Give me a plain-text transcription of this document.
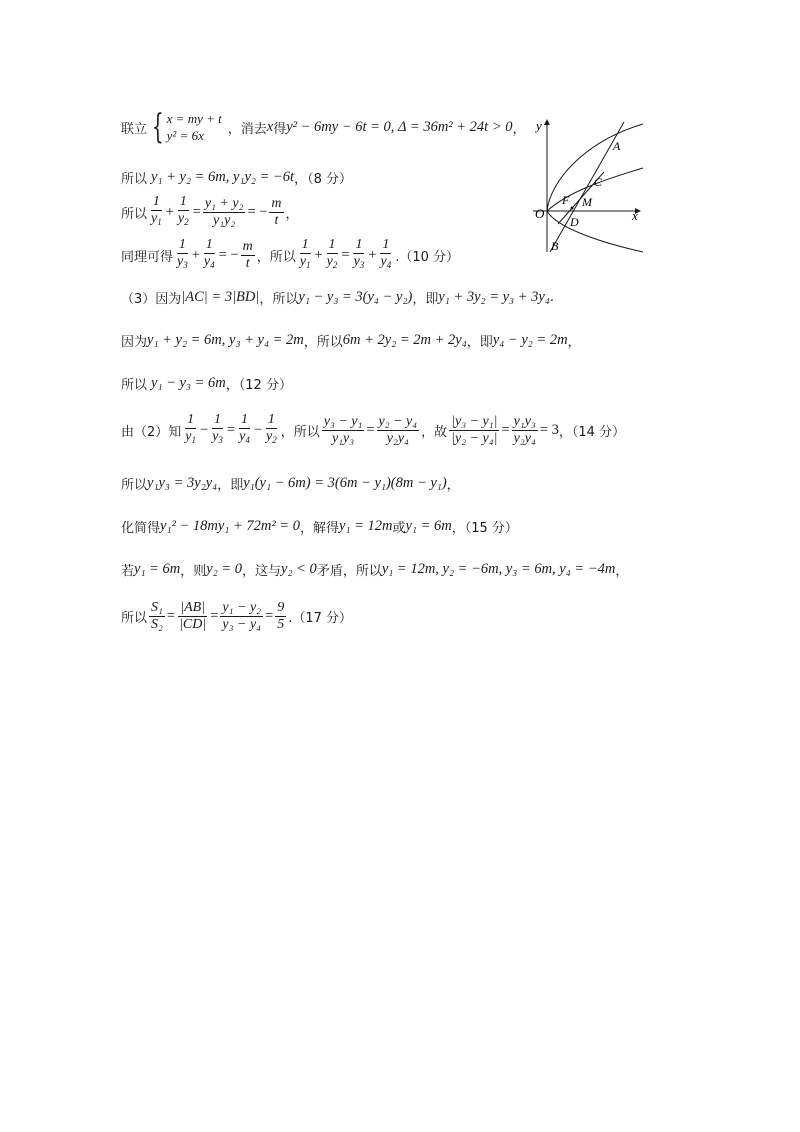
联立 { x = my + t
y² = 6x	，消去 x 得 y² − 6my − 6t = 0, Δ = 36m² + 24t > 0 ，
所以 y₁ + y₂ = 6m, y₁y₂ = −6t ，（8 分）
所以 $\frac{1}{y_1} + \frac{1}{y_2} = \frac{\text{y₁ + y₂}}{\text{y₁y₂}}$ = − $\frac{m}{t}$ ，
同理可得 $\frac{1}{y_3} + \frac{1}{y_4}$ = − $\frac{m}{t}$ ，所以 $\frac{1}{y_1} + \frac{1}{y_2} = \frac{1}{y_3} + \frac{1}{y_4} .(10$ 分）
（3）因为 |AC| = 3|BD| ，所以 y₁ − y₃ = 3(y₄ − y₂) ，即 y₁ + 3y₂ = y₃ + 3y₄ .
因为 y₁ + y₂ = 6m, y₃ + y₄ = 2m ，所以 6m + 2y₂ = 2m + 2y₄ ，即 y₄ − y₂ = 2m ，
所以 y₁ − y₃ = 6m ，（12 分）
由（2）知 $\frac{1}{y_1} - \frac{1}{y_3} = \frac{1}{y_4} - \frac{1}{y_2}$ ，所以 $\frac{\text{y₃ − y₁}}{\text{y₁y₃}} = \frac{\text{y₂ − y₄}}{\text{y₂y₄}}$ ，故 $\frac{\text{|y₃ − y₁|}}{\text{|y₂ − y₄|}} = \frac{\text{y₁y₃}}{\text{y₂y₄}} = 3$ ，（14 分）
所以 y₁y₃ = 3y₂y₄ ，即 y₁(y₁ − 6m) = 3(6m − y₁)(8m − y₁) ，
化简得 y₁² − 18my₁ + 72m² = 0 ，解得 y₁ = 12m 或 y₁ = 6m ，（15 分）
若 y₁ = 6m ，则 y₂ = 0 ，这与 y₂ < 0 矛盾，所以 y₁ = 12m, y₂ = −6m, y₃ = 6m, y₄ = −4m ，
所以 $\frac{\text{S₁}}{\text{S₂}} = \frac{|AB|}{|CD|} = \frac{\text{y₁ − y₂}}{\text{y₃ − y₄}} = \frac{9}{5} .(17$ 分）
y
x
O
A
C
F M
D
B
